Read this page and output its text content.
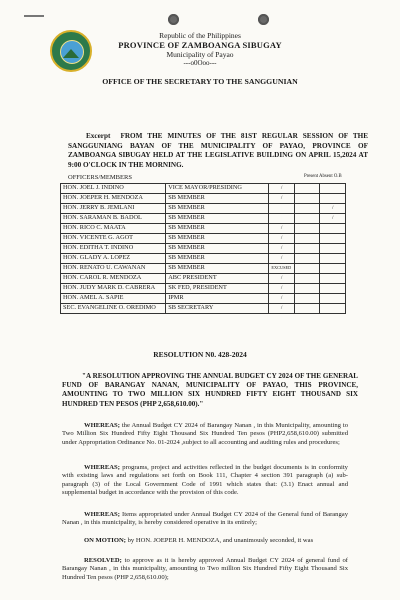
Republic of the Philippines
PROVINCE OF ZAMBOANGA SIBUGAY
Municipality of Payao
---o0Ooo---
OFFICE OF THE SECRETARY TO THE SANGGUNIAN
Excerpt FROM THE MINUTES OF THE 81ST REGULAR SESSION OF THE SANGGUNIANG BAYAN OF THE MUNICIPALITY OF PAYAO, PROVINCE OF ZAMBOANGA SIBUGAY HELD AT THE LEGISLATIVE BUILDING ON APRIL 15,2024 AT 9:00 O'CLOCK IN THE MORNING.
OFFICERS/MEMBERS	Present Absent O.B
HON. JOEL J. INDINO	VICE MAYOR/PRESIDING	/		
HON. JOEPER H. MENDOZA	SB MEMBER	/		
HON. JERRY B. JEMLANI	SB MEMBER			/
HON. SARAMAN B. BADOL	SB MEMBER			/
HON. RICO C. MAATA	SB MEMBER	/		
HON. VICENTE G. AGOT	SB MEMBER	/		
HON. EDITHA T. INDINO	SB MEMBER	/		
HON. GLADY A. LOPEZ	SB MEMBER	/		
HON. RENATO U. CAWANAN	SB MEMBER	EXCUSED		
HON. CAROL R. MENDOZA	ABC PRESIDENT	/		
HON. JUDY MARK D. CABRERA	SK FED, PRESIDENT	/		
HON. AMEL A. SAPIE	IPMR	/		
SEC. EVANGELINE O. OREDIMO	SB SECRETARY	/		
RESOLUTION N0. 428-2024
"A RESOLUTION APPROVING THE ANNUAL BUDGET CY 2024 OF THE GENERAL FUND OF BARANGAY NANAN, MUNICIPALITY OF PAYAO, THIS PROVINCE, AMOUNTING TO TWO MILLION SIX HUNDRED FIFTY EIGHT THOUSAND SIX HUNDRED TEN PESOS (PHP 2,658,610.00)."
WHEREAS; the Annual Budget CY 2024 of Barangay Nanan , in this Municipality, amounting to Two Million Six Hundred Fifty Eight Thousand Six Hundred Ten pesos (PHP2,658,610.00) submitted under Appropriation Ordinance No. 01-2024 ,subject to all accounting and auditing rules and procedures;
WHEREAS; programs, project and activities reflected in the budget documents is in conformity with existing laws and regulations set forth on Book 111, Chapter 4 section 391 paragraph (a) sub-paragraph (3) of the Local Government Code of 1991 which states that: (3.1) Enact annual and supplemental budget in accordance with the provision of this code.
WHEREAS; Items appropriated under Annual Budget CY 2024 of the General fund of Barangay Nanan , in this municipality, is hereby considered operative in its entirely;
ON MOTION; by HON. JOEPER H. MENDOZA, and unanimously seconded, it was
RESOLVED; to approve as it is hereby approved Annual Budget CY 2024 of general fund of Barangay Nanan , in this municipality, amounting to Two million Six Hundred Fifty Eight Thousand Six Hundred Ten pesos (PHP 2,658,610.00);
